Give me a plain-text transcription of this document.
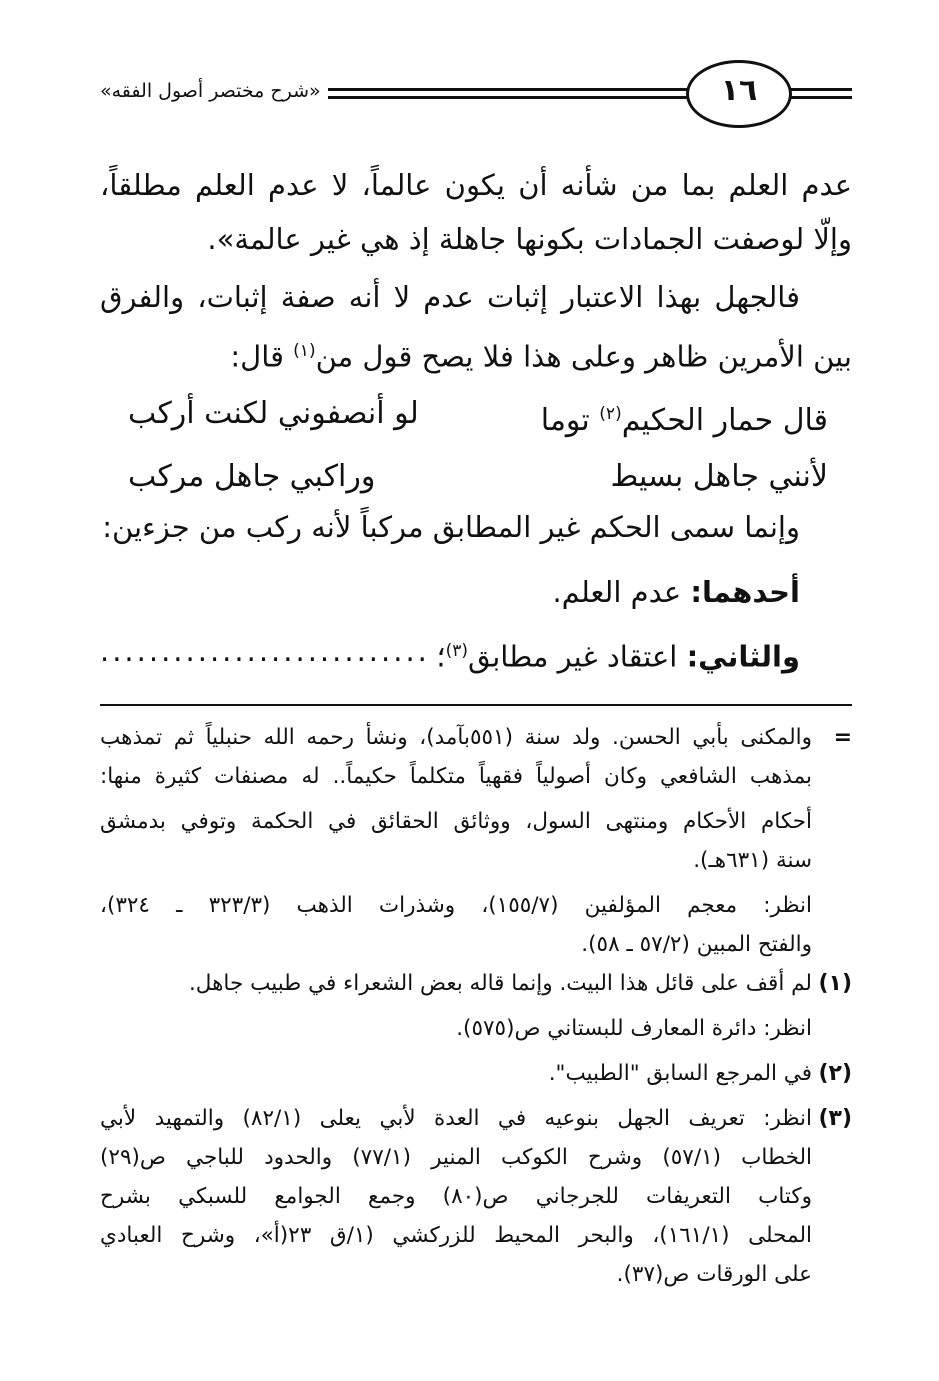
«شرح مختصر أصول الفقه»	١٦
عدم العلم بما من شأنه أن يكون عالماً، لا عدم العلم مطلقاً،
وإلّا لوصفت الجمادات بكونها جاهلة إذ هي غير عالمة».
فالجهل بهذا الاعتبار إثبات عدم لا أنه صفة إثبات، والفرق
بين الأمرين ظاهر وعلى هذا فلا يصح قول من$^{(١)}$ قال:
قال حمار الحكيم$^{(٢)}$ توما
لو أنصفوني لكنت أركب
لأنني جاهل بسيط
وراكبي جاهل مركب
وإنما سمى الحكم غير المطابق مركباً لأنه ركب من جزءين:
أحدهما: عدم العلم.
والثاني: اعتقاد غير مطابق$^{(٣)}$؛
...........................
=
والمكنى بأبي الحسن. ولد سنة (٥٥١بآمد)، ونشأ رحمه الله حنبلياً ثم تمذهب
بمذهب الشافعي وكان أصولياً فقهياً متكلماً حكيماً.. له مصنفات كثيرة منها:
أحكام الأحكام ومنتهى السول، ووثائق الحقائق في الحكمة وتوفي بدمشق
سنة (٦٣١هـ).
انظر: معجم المؤلفين (١٥٥/٧)، وشذرات الذهب (٣٢٣/٣ ـ ٣٢٤)،
والفتح المبين (٥٧/٢ ـ ٥٨).
(١)
لم أقف على قائل هذا البيت. وإنما قاله بعض الشعراء في طبيب جاهل.
انظر: دائرة المعارف للبستاني ص(٥٧٥).
(٢)
في المرجع السابق "الطبيب".
(٣)
انظر: تعريف الجهل بنوعيه في العدة لأبي يعلى (٨٢/١) والتمهيد لأبي
الخطاب (٥٧/١) وشرح الكوكب المنير (٧٧/١) والحدود للباجي ص(٢٩)
وكتاب التعريفات للجرجاني ص(٨٠) وجمع الجوامع للسبكي بشرح
المحلى (١٦١/١)، والبحر المحيط للزركشي (١/ق ٢٣(أ»، وشرح العبادي
على الورقات ص(٣٧).
